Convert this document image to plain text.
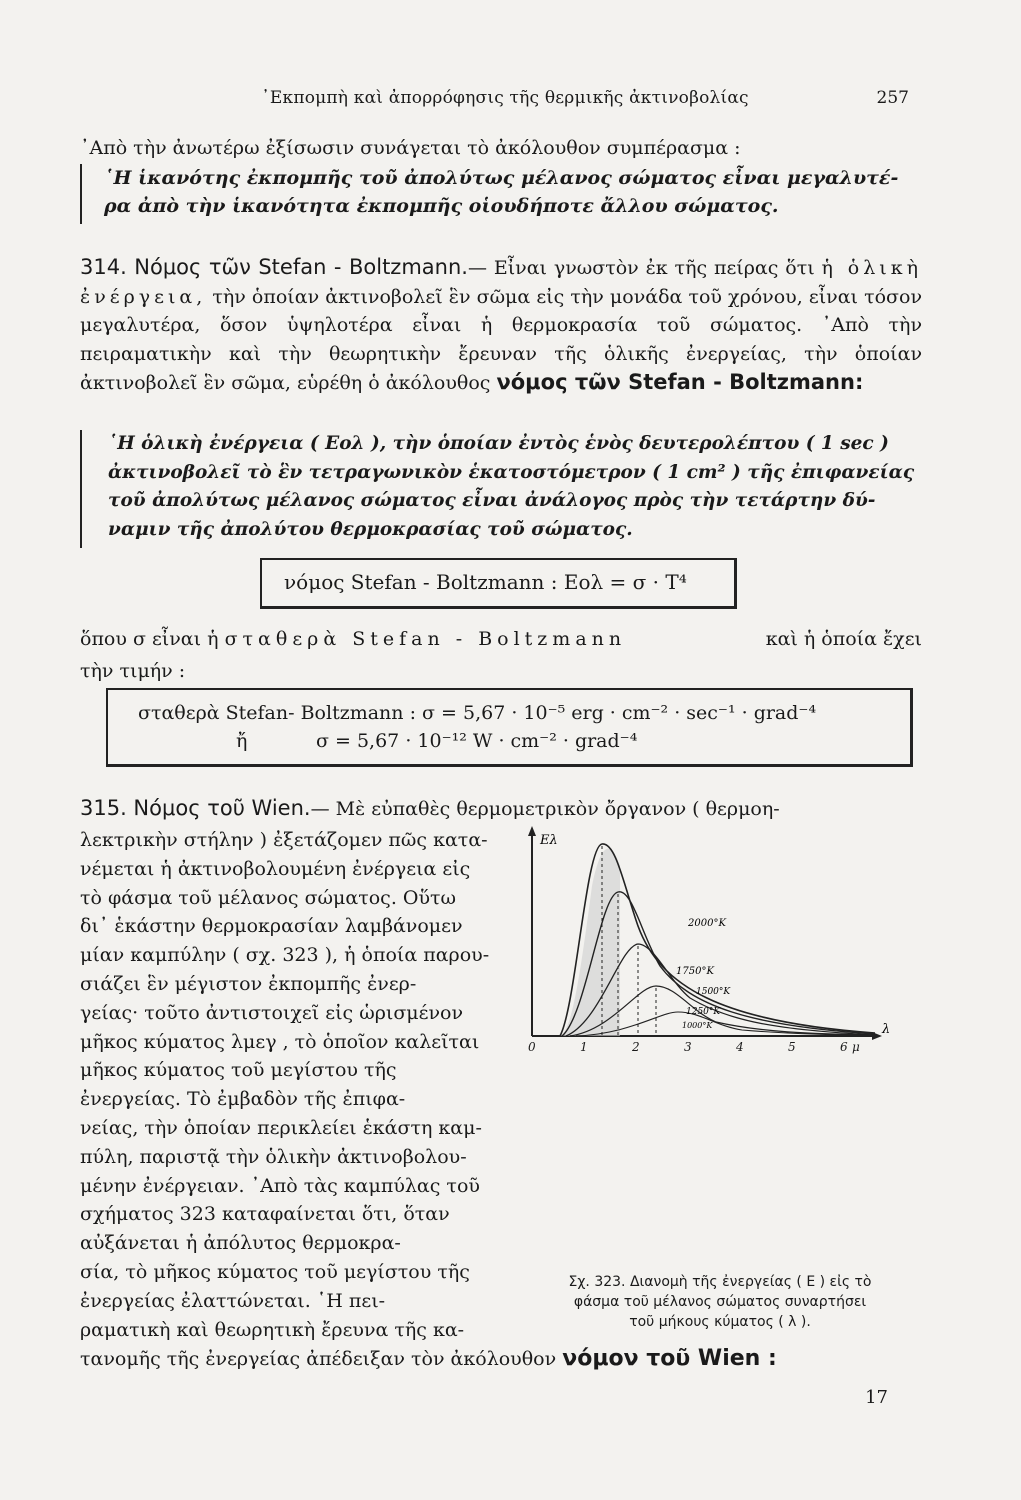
᾿Εκπομπὴ καὶ ἀπορρόφησις τῆς θερμικῆς ἀκτινοβολίας	257
᾿Απὸ τὴν ἀνωτέρω ἐξίσωσιν συνάγεται τὸ ἀκόλουθον συμπέρασμα :
῾Η ἱκανότης ἐκπομπῆς τοῦ ἀπολύτως μέλανος σώματος εἶναι μεγαλυτέ-
ρα ἀπὸ τὴν ἱκανότητα ἐκπομπῆς οἱουδήποτε ἄλλου σώματος.
314. Νόμος τῶν Stefan - Boltzmann.— Εἶναι γνωστὸν ἐκ τῆς πείρας ὅτι ἡ ὁλικὴ ἐνέργεια, τὴν ὁποίαν ἀκτινοβολεῖ ἓν σῶμα εἰς τὴν μονάδα τοῦ χρόνου, εἶναι τόσον μεγαλυτέρα, ὅσον ὑψηλοτέρα εἶναι ἡ θερμοκρασία τοῦ σώματος. ᾿Απὸ τὴν πειραματικὴν καὶ τὴν θεωρητικὴν ἔρευναν τῆς ὁλικῆς ἐνεργείας, τὴν ὁποίαν ἀκτινοβολεῖ ἓν σῶμα, εὑρέθη ὁ ἀκόλουθος νόμος τῶν Stefan - Boltzmann:
῾Η ὁλικὴ ἐνέργεια ( Eολ ), τὴν ὁποίαν ἐντὸς ἑνὸς δευτερολέπτου ( 1 sec )
ἀκτινοβολεῖ τὸ ἓν τετραγωνικὸν ἑκατοστόμετρον ( 1 cm² ) τῆς ἐπιφανείας
τοῦ ἀπολύτως μέλανος σώματος εἶναι ἀνάλογος πρὸς τὴν τετάρτην δύ-
ναμιν τῆς ἀπολύτου θερμοκρασίας τοῦ σώματος.
νόμος Stefan - Boltzmann : Eολ = σ · T⁴
ὅπου σ εἶναι ἡ σταθερὰ Stefan - Boltzmann	καὶ ἡ ὁποία ἔχει
τὴν τιμήν :
σταθερὰ Stefan- Boltzmann : σ = 5,67 · 10⁻⁵ erg · cm⁻² · sec⁻¹ · grad⁻⁴
ἤ	σ = 5,67 · 10⁻¹² W · cm⁻² · grad⁻⁴
315. Νόμος τοῦ Wien.— Μὲ εὐπαθὲς θερμομετρικὸν ὄργανον ( θερμοη-
λεκτρικὴν στήλην ) ἐξετάζομεν πῶς κατα-
νέμεται ἡ ἀκτινοβολουμένη ἐνέργεια εἰς
τὸ φάσμα τοῦ μέλανος σώματος. Οὕτω
δι᾿ ἑκάστην θερμοκρασίαν λαμβάνομεν
μίαν καμπύλην ( σχ. 323 ), ἡ ὁποία παρου-
σιάζει ἓν μέγιστον ἐκπομπῆς ἐνερ-
γείας· τοῦτο ἀντιστοιχεῖ εἰς ὡρισμένον
μῆκος κύματος λμεγ , τὸ ὁποῖον καλεῖται
μῆκος κύματος τοῦ μεγίστου τῆς
ἐνεργείας. Τὸ ἐμβαδὸν τῆς ἐπιφα-
νείας, τὴν ὁποίαν περικλείει ἑκάστη καμ-
πύλη, παριστᾷ τὴν ὁλικὴν ἀκτινοβολου-
μένην ἐνέργειαν. ᾿Απὸ τὰς καμπύλας τοῦ
σχήματος 323 καταφαίνεται ὅτι, ὅταν
αὐξάνεται ἡ ἀπόλυτος θερμοκρα-
σία, τὸ μῆκος κύματος τοῦ μεγίστου τῆς
ἐνεργείας ἐλαττώνεται. ῾Η πει-
ραματικὴ καὶ θεωρητικὴ ἔρευνα τῆς κα-
τανομῆς τῆς ἐνεργείας ἀπέδειξαν τὸν ἀκόλουθον νόμον τοῦ Wien :
Eλ
λ
2000°K
1750°K
1500°K
1250°K
1000°K
0	1	2	3	4	5	6 μ
Σχ. 323. Διανομὴ τῆς ἐνεργείας ( E ) εἰς τὸ
φάσμα τοῦ μέλανος σώματος συναρτήσει
τοῦ μήκους κύματος ( λ ).
17
